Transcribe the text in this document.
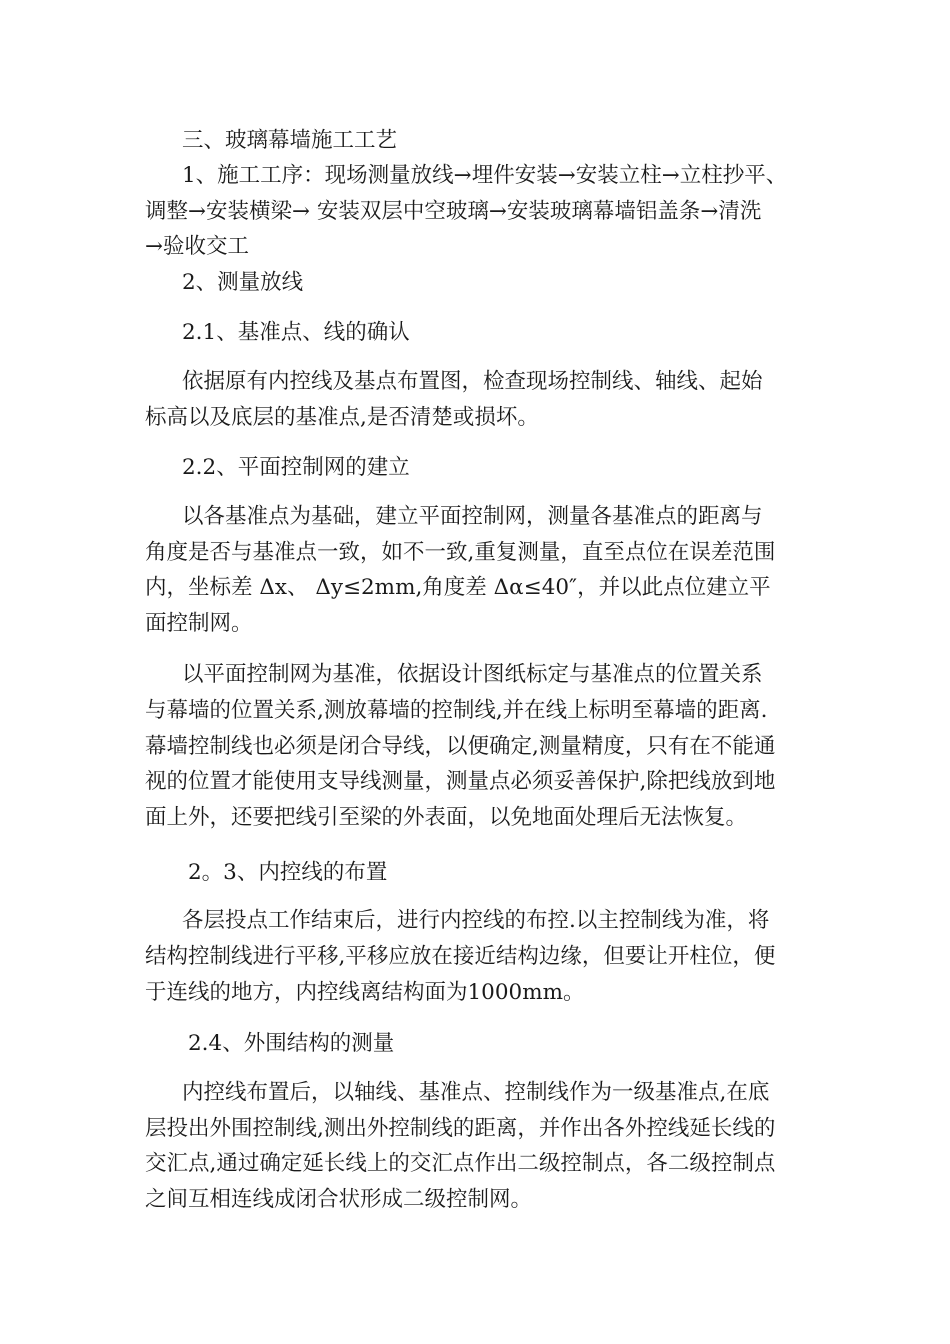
三、玻璃幕墙施工工艺
1、施工工序：现场测量放线→埋件安装→安装立柱→立柱抄平、
调整→安装横梁→ 安装双层中空玻璃→安装玻璃幕墙铝盖条→清洗
→验收交工
2、测量放线
2.1、基准点、线的确认
依据原有内控线及基点布置图，检查现场控制线、轴线、起始
标高以及底层的基准点,是否清楚或损坏。
2.2、平面控制网的建立
以各基准点为基础，建立平面控制网，测量各基准点的距离与
角度是否与基准点一致，如不一致,重复测量，直至点位在误差范围
内，坐标差 Δx、 Δy≤2mm,角度差 Δα≤40″，并以此点位建立平
面控制网。
以平面控制网为基准，依据设计图纸标定与基准点的位置关系
与幕墙的位置关系,测放幕墙的控制线,并在线上标明至幕墙的距离.
幕墙控制线也必须是闭合导线，以便确定,测量精度，只有在不能通
视的位置才能使用支导线测量，测量点必须妥善保护,除把线放到地
面上外，还要把线引至梁的外表面，以免地面处理后无法恢复。
2。3、内控线的布置
各层投点工作结束后，进行内控线的布控.以主控制线为准，将
结构控制线进行平移,平移应放在接近结构边缘，但要让开柱位，便
于连线的地方，内控线离结构面为1000mm。
2.4、外围结构的测量
内控线布置后，以轴线、基准点、控制线作为一级基准点,在底
层投出外围控制线,测出外控制线的距离，并作出各外控线延长线的
交汇点,通过确定延长线上的交汇点作出二级控制点，各二级控制点
之间互相连线成闭合状形成二级控制网。
